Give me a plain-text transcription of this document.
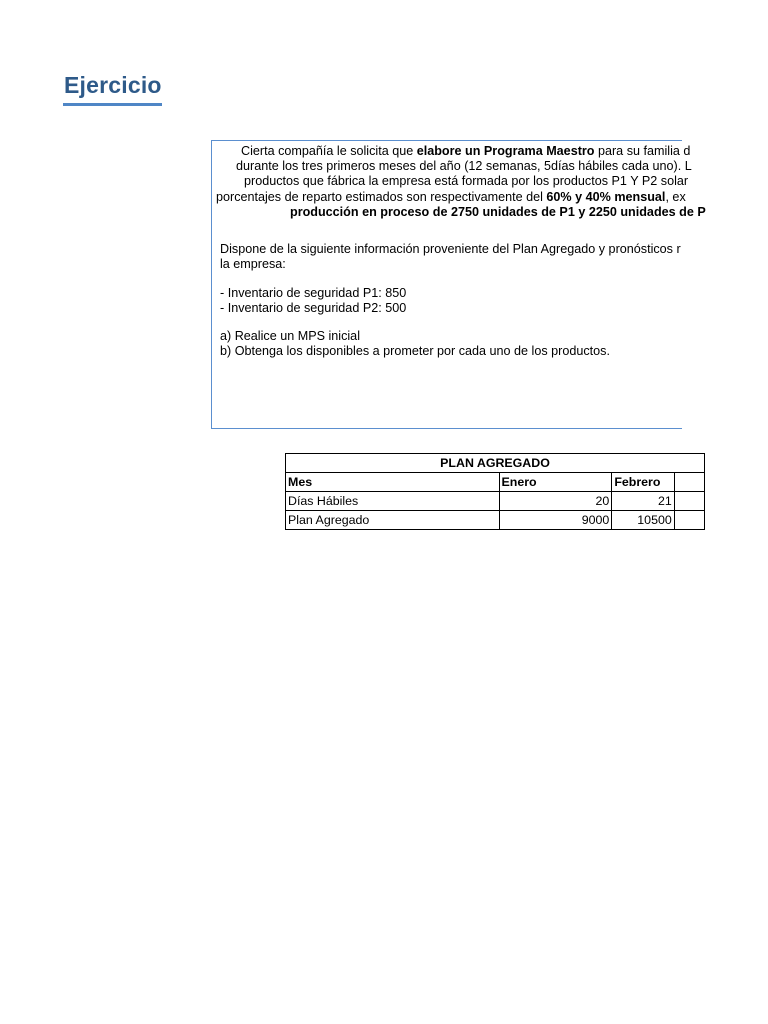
Ejercicio
Cierta compañía le solicita que elabore un Programa Maestro para su familia d
durante los tres primeros meses del año (12 semanas, 5días hábiles cada uno). L
productos que fábrica la empresa está formada por los productos P1 Y P2 solar
porcentajes de reparto estimados son respectivamente del 60% y 40% mensual, ex
producción en proceso de 2750 unidades de P1 y 2250 unidades de P
Dispone de la siguiente información proveniente del Plan Agregado y pronósticos r
la empresa:
- Inventario de seguridad P1: 850
- Inventario de seguridad P2: 500
a) Realice un MPS inicial
b) Obtenga los disponibles a prometer por cada uno de los productos.
PLAN AGREGADO			
Mes	Enero	Febrero	
Días Hábiles	20	21	
Plan Agregado	9000	10500	
